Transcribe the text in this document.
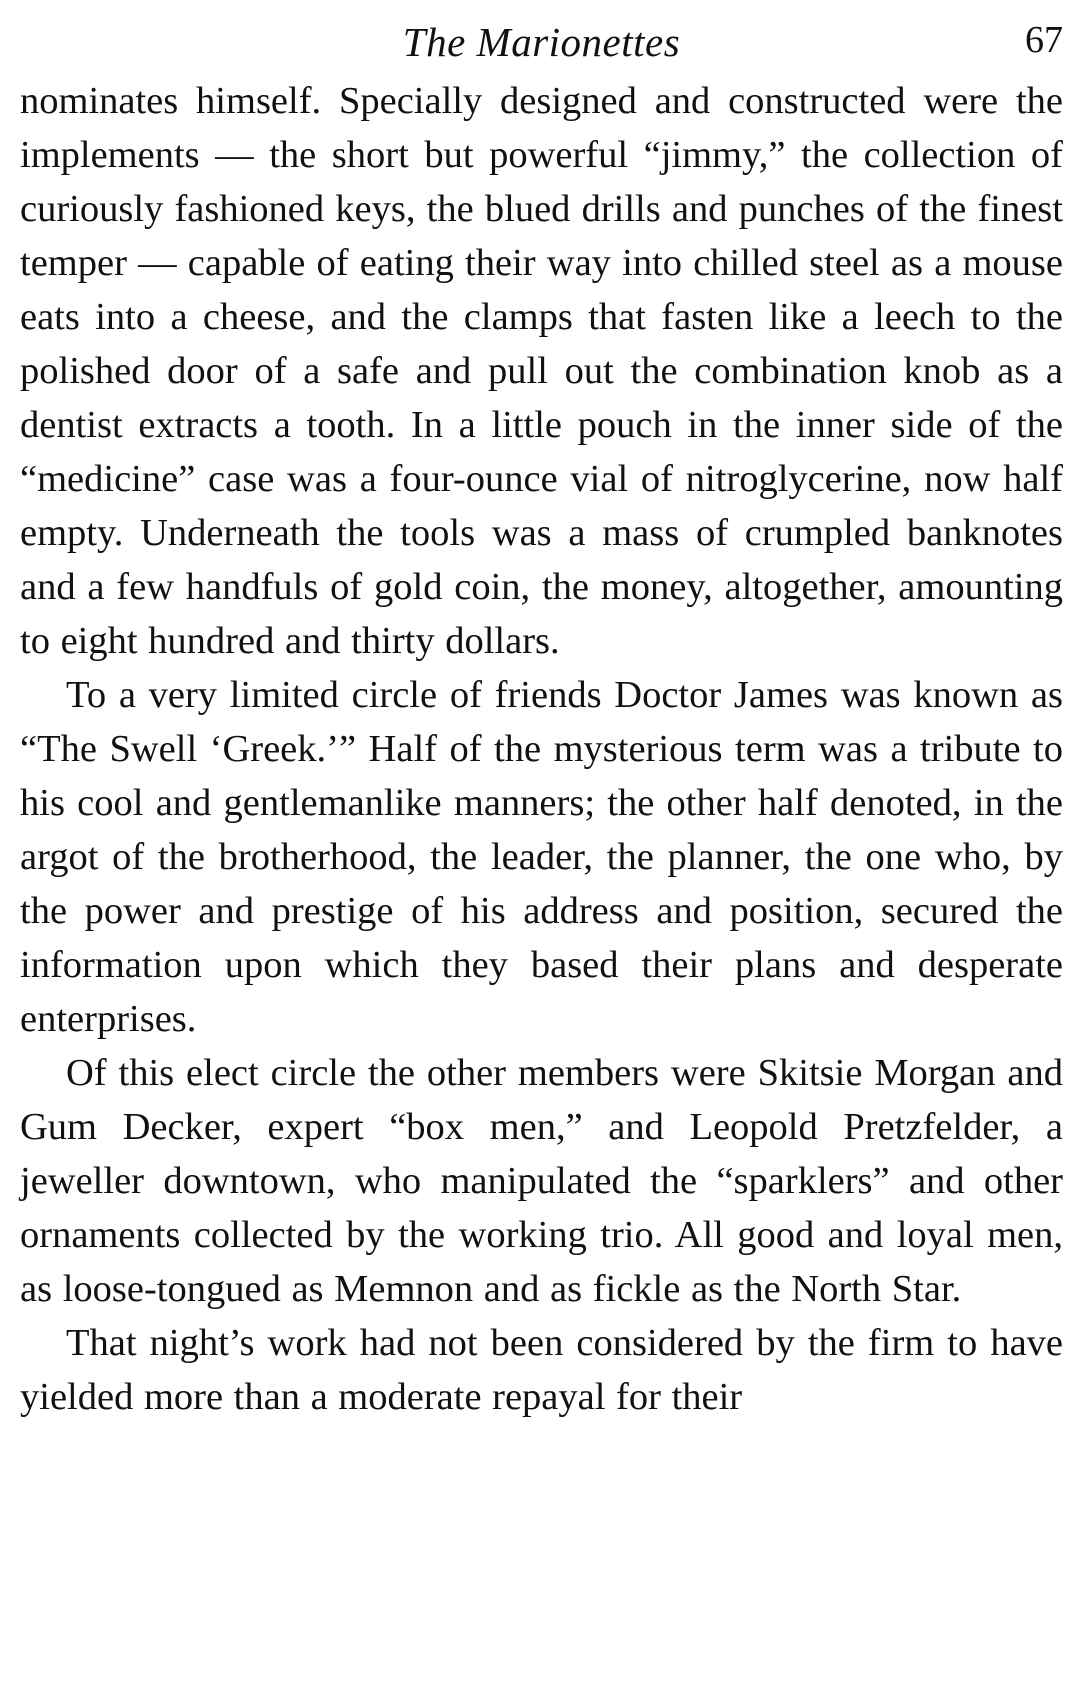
The Marionettes	67

nominates himself. Specially designed and constructed were the implements — the short but powerful “jimmy,” the collection of curiously fashioned keys, the blued drills and punches of the finest temper — capable of eating their way into chilled steel as a mouse eats into a cheese, and the clamps that fasten like a leech to the polished door of a safe and pull out the combination knob as a dentist extracts a tooth. In a little pouch in the inner side of the “medicine” case was a four-ounce vial of nitroglycerine, now half empty. Underneath the tools was a mass of crumpled banknotes and a few handfuls of gold coin, the money, altogether, amounting to eight hundred and thirty dollars.

To a very limited circle of friends Doctor James was known as “The Swell ‘Greek.’” Half of the mysterious term was a tribute to his cool and gentlemanlike manners; the other half denoted, in the argot of the brotherhood, the leader, the planner, the one who, by the power and prestige of his address and position, secured the information upon which they based their plans and desperate enterprises.

Of this elect circle the other members were Skitsie Morgan and Gum Decker, expert “box men,” and Leopold Pretzfelder, a jeweller downtown, who manipulated the “sparklers” and other ornaments collected by the working trio. All good and loyal men, as loose-tongued as Memnon and as fickle as the North Star.

That night’s work had not been considered by the firm to have yielded more than a moderate repayal for their
